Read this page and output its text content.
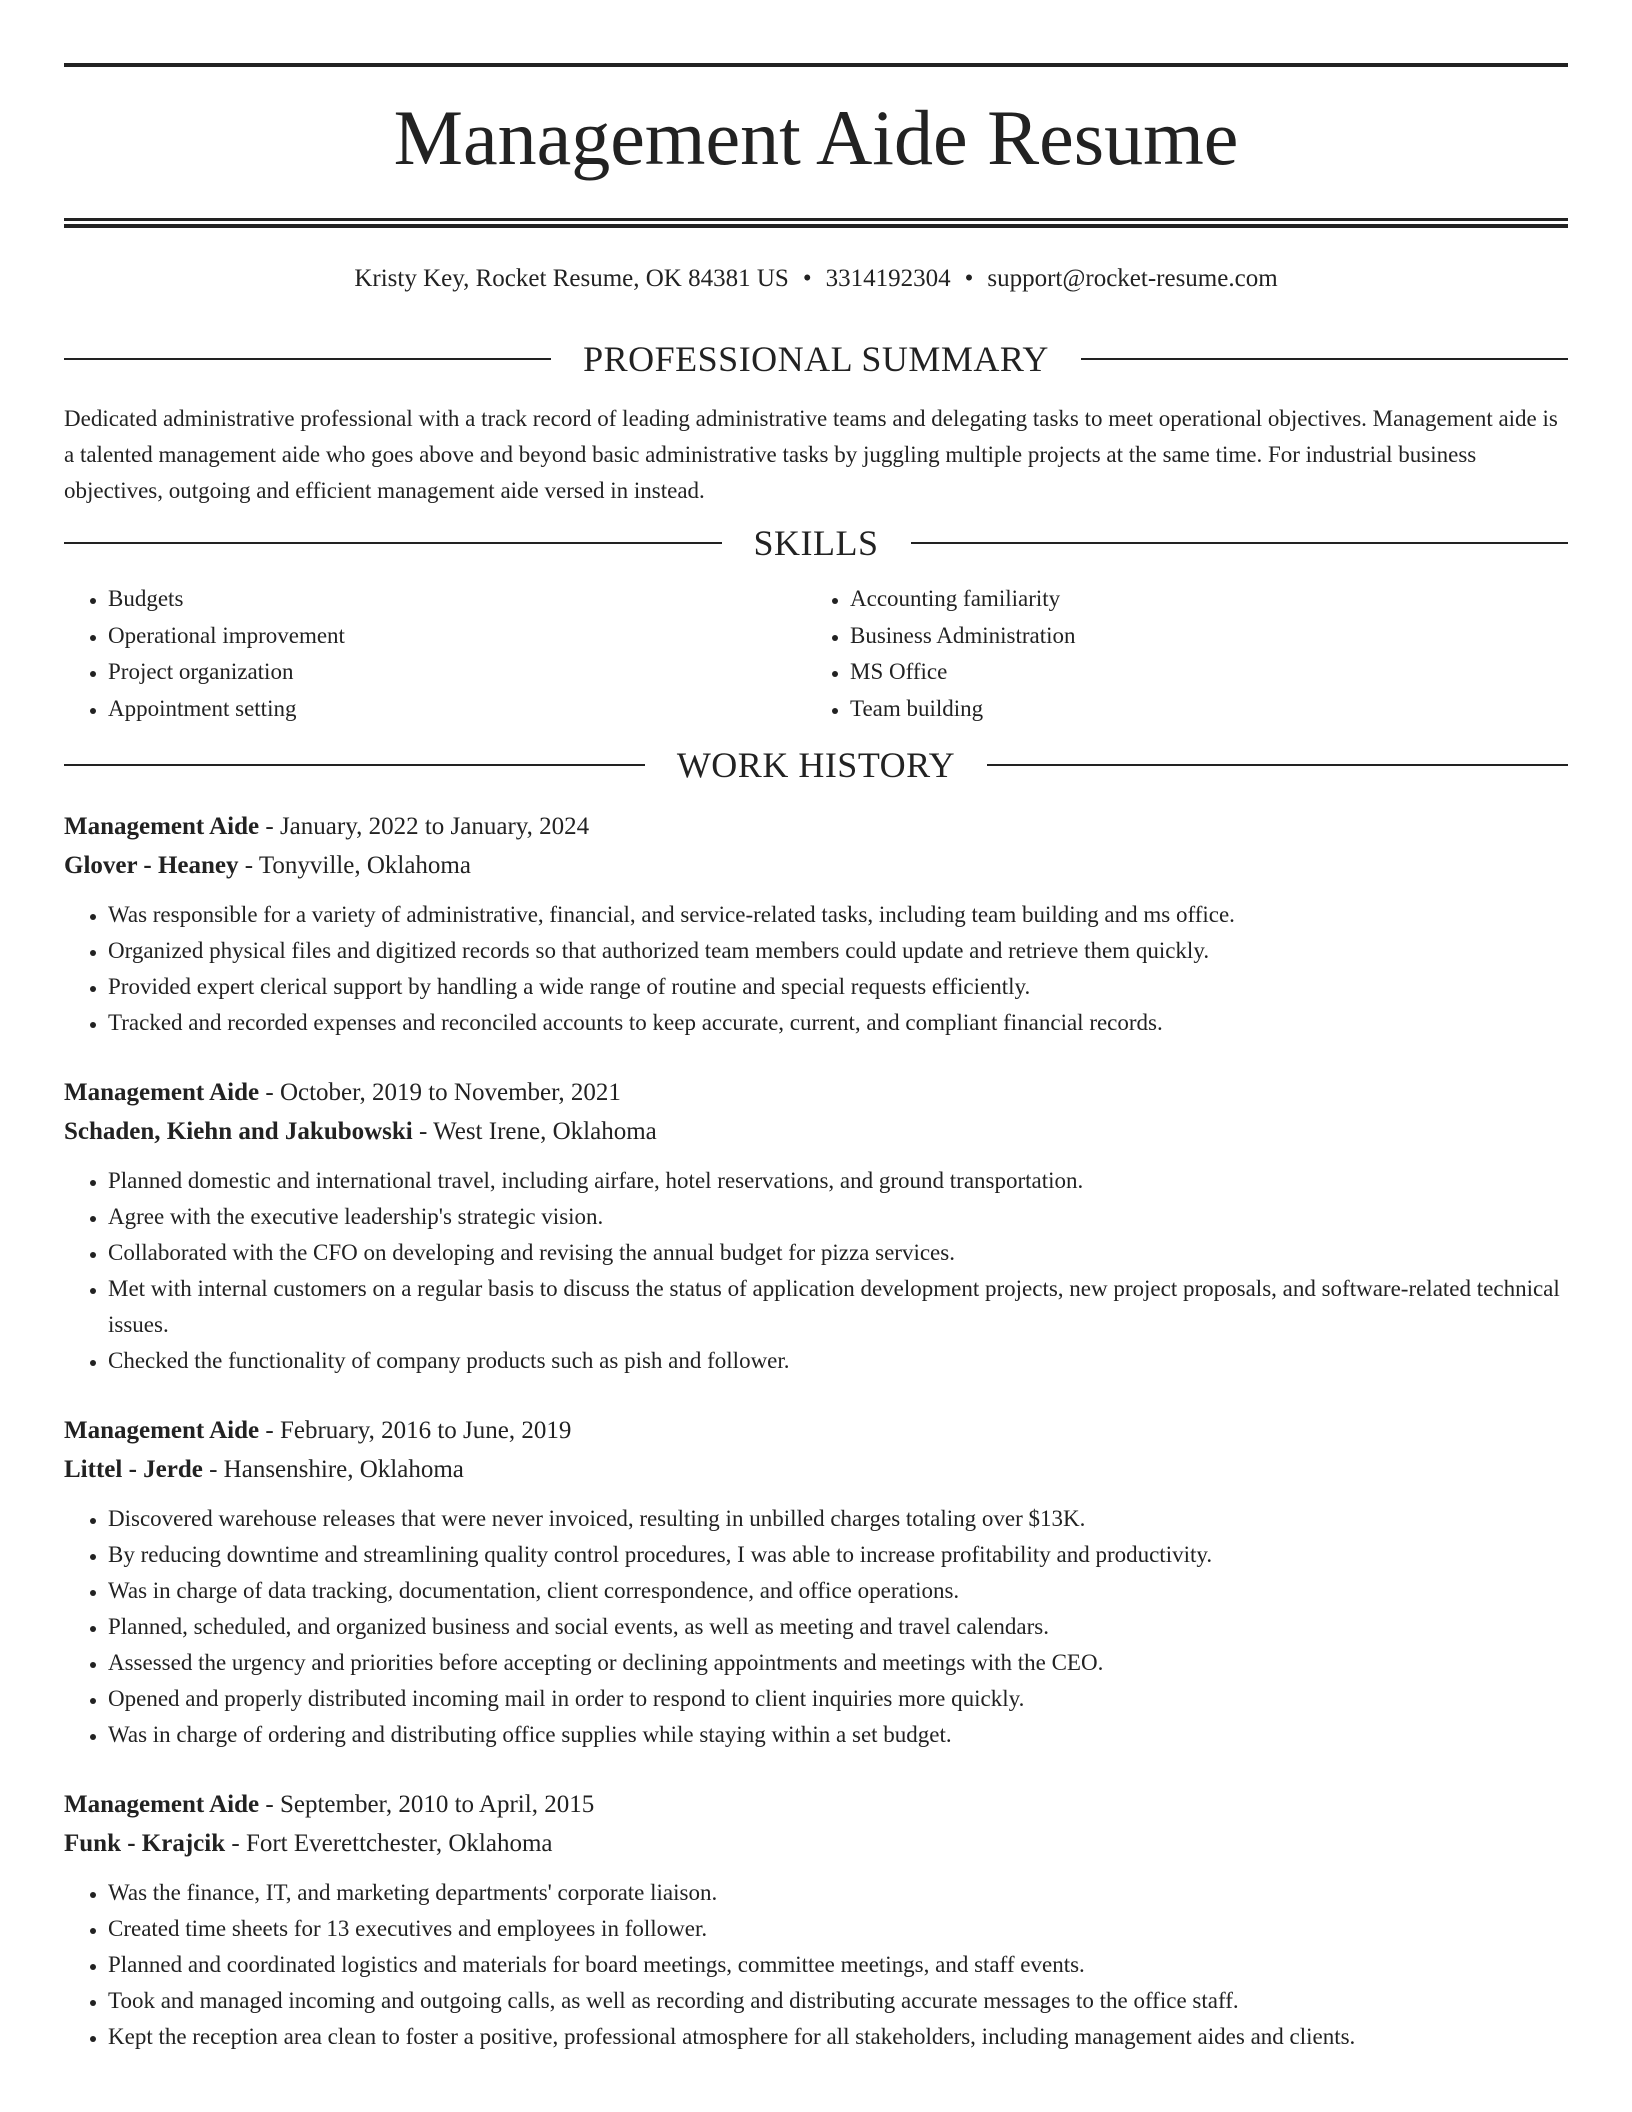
Management Aide Resume
Kristy Key, Rocket Resume, OK 84381 US • 3314192304 • support@rocket-resume.com
PROFESSIONAL SUMMARY

Dedicated administrative professional with a track record of leading administrative teams and delegating tasks to meet operational objectives. Management aide is a talented management aide who goes above and beyond basic administrative tasks by juggling multiple projects at the same time. For industrial business objectives, outgoing and efficient management aide versed in instead.

SKILLS
• Budgets
• Operational improvement
• Project organization
• Appointment setting
• Accounting familiarity
• Business Administration
• MS Office
• Team building
WORK HISTORY
Management Aide - January, 2022 to January, 2024
Glover - Heaney - Tonyville, Oklahoma
• Was responsible for a variety of administrative, financial, and service-related tasks, including team building and ms office.
• Organized physical files and digitized records so that authorized team members could update and retrieve them quickly.
• Provided expert clerical support by handling a wide range of routine and special requests efficiently.
• Tracked and recorded expenses and reconciled accounts to keep accurate, current, and compliant financial records.
Management Aide - October, 2019 to November, 2021
Schaden, Kiehn and Jakubowski - West Irene, Oklahoma
• Planned domestic and international travel, including airfare, hotel reservations, and ground transportation.
• Agree with the executive leadership's strategic vision.
• Collaborated with the CFO on developing and revising the annual budget for pizza services.
• Met with internal customers on a regular basis to discuss the status of application development projects, new project proposals, and software-related technical issues.
• Checked the functionality of company products such as pish and follower.
Management Aide - February, 2016 to June, 2019
Littel - Jerde - Hansenshire, Oklahoma
• Discovered warehouse releases that were never invoiced, resulting in unbilled charges totaling over $13K.
• By reducing downtime and streamlining quality control procedures, I was able to increase profitability and productivity.
• Was in charge of data tracking, documentation, client correspondence, and office operations.
• Planned, scheduled, and organized business and social events, as well as meeting and travel calendars.
• Assessed the urgency and priorities before accepting or declining appointments and meetings with the CEO.
• Opened and properly distributed incoming mail in order to respond to client inquiries more quickly.
• Was in charge of ordering and distributing office supplies while staying within a set budget.
Management Aide - September, 2010 to April, 2015
Funk - Krajcik - Fort Everettchester, Oklahoma
• Was the finance, IT, and marketing departments' corporate liaison.
• Created time sheets for 13 executives and employees in follower.
• Planned and coordinated logistics and materials for board meetings, committee meetings, and staff events.
• Took and managed incoming and outgoing calls, as well as recording and distributing accurate messages to the office staff.
• Kept the reception area clean to foster a positive, professional atmosphere for all stakeholders, including management aides and clients.
